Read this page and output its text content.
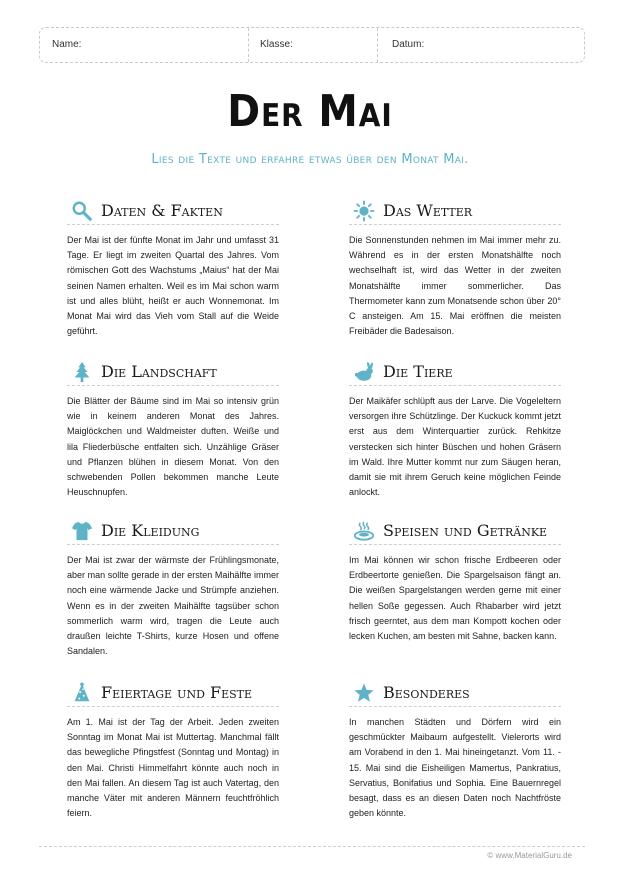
Name:	Klasse:	Datum:
Der Mai
Lies die Texte und erfahre etwas über den Monat Mai.
Daten & Fakten
Der Mai ist der fünfte Monat im Jahr und umfasst 31 Tage. Er liegt im zweiten Quartal des Jahres. Vom römischen Gott des Wachstums „Maius“ hat der Mai seinen Namen erhalten. Weil es im Mai schon warm ist und alles blüht, heißt er auch Wonnemonat. Im Monat Mai wird das Vieh vom Stall auf die Weide geführt.
Das Wetter
Die Sonnenstunden nehmen im Mai immer mehr zu. Während es in der ersten Monatshälfte noch wechselhaft ist, wird das Wetter in der zweiten Monatshälfte immer sommerlicher. Das Thermometer kann zum Monatsende schon über 20° C ansteigen. Am 15. Mai eröffnen die meisten Freibäder die Badesaison.
Die Landschaft
Die Blätter der Bäume sind im Mai so intensiv grün wie in keinem anderen Monat des Jahres. Maiglöckchen und Waldmeister duften. Weiße und lila Fliederbüsche entfalten sich. Unzählige Gräser und Pflanzen blühen in diesem Monat. Von den schwebenden Pollen bekommen manche Leute Heuschnupfen.
Die Tiere
Der Maikäfer schlüpft aus der Larve. Die Vogeleltern versorgen ihre Schützlinge. Der Kuckuck kommt jetzt erst aus dem Winterquartier zurück. Rehkitze verstecken sich hinter Büschen und hohen Gräsern im Wald. Ihre Mutter kommt nur zum Säugen heran, damit sie mit ihrem Geruch keine möglichen Feinde anlockt.
Die Kleidung
Der Mai ist zwar der wärmste der Frühlingsmonate, aber man sollte gerade in der ersten Maihälfte immer noch eine wärmende Jacke und Strümpfe anziehen. Wenn es in der zweiten Maihälfte tagsüber schon sommerlich warm wird, tragen die Leute auch draußen leichte T-Shirts, kurze Hosen und offene Sandalen.
Speisen und Getränke
Im Mai können wir schon frische Erdbeeren oder Erdbeertorte genießen. Die Spargelsaison fängt an. Die weißen Spargelstangen werden gerne mit einer hellen Soße gegessen. Auch Rhabarber wird jetzt frisch geerntet, aus dem man Kompott kochen oder lecken Kuchen, am besten mit Sahne, backen kann.
Feiertage und Feste
Am 1. Mai ist der Tag der Arbeit. Jeden zweiten Sonntag im Monat Mai ist Muttertag. Manchmal fällt das bewegliche Pfingstfest (Sonntag und Montag) in den Mai. Christi Himmelfahrt könnte auch noch in den Mai fallen. An diesem Tag ist auch Vatertag, den manche Väter mit anderen Männern feuchtfröhlich feiern.
Besonderes
In manchen Städten und Dörfern wird ein geschmückter Maibaum aufgestellt. Vielerorts wird am Vorabend in den 1. Mai hineingetanzt. Vom 11. - 15. Mai sind die Eisheiligen Mamertus, Pankratius, Servatius, Bonifatius und Sophia. Eine Bauernregel besagt, dass es an diesen Daten noch Nachtfröste geben könnte.
© www.MaterialGuru.de
